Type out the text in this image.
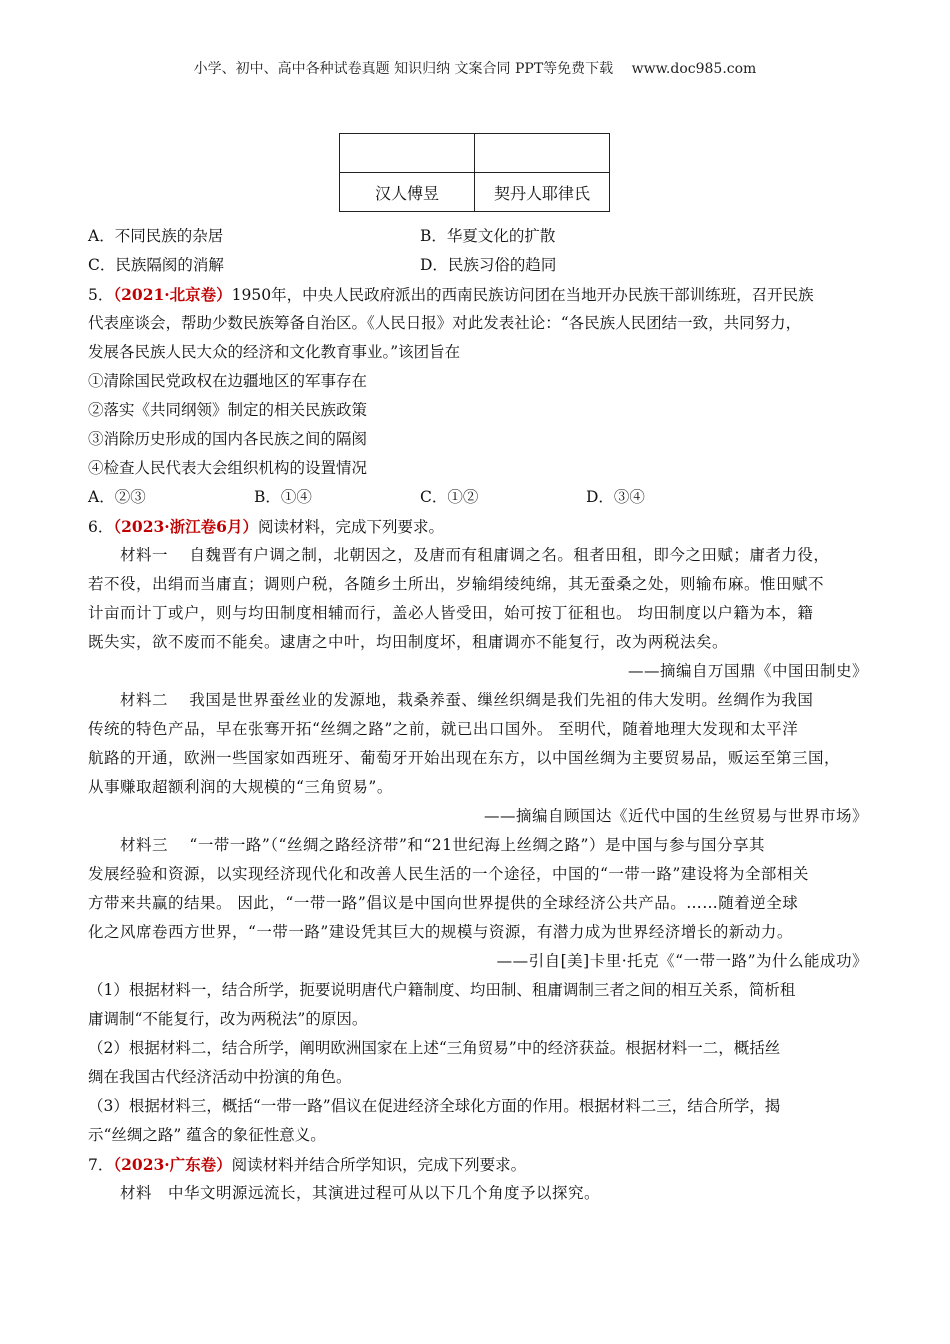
小学、初中、高中各种试卷真题 知识归纳 文案合同 PPT等免费下载　 www.doc985.com

汉人傅昱	契丹人耶律氏
A．不同民族的杂居	B．华夏文化的扩散
C．民族隔阂的消解	D．民族习俗的趋同
5．（2021·北京卷）1950年，中央人民政府派出的西南民族访问团在当地开办民族干部训练班，召开民族
代表座谈会，帮助少数民族筹备自治区。《人民日报》对此发表社论：“各民族人民团结一致，共同努力，
发展各民族人民大众的经济和文化教育事业。”该团旨在
①清除国民党政权在边疆地区的军事存在
②落实《共同纲领》制定的相关民族政策
③消除历史形成的国内各民族之间的隔阂
④检查人民代表大会组织机构的设置情况
A．②③	B．①④	C．①②	D．③④
6．（2023·浙江卷6月）阅读材料，完成下列要求。
材料一　 自魏晋有户调之制，北朝因之，及唐而有租庸调之名。租者田租，即今之田赋；庸者力役，
若不役，出绢而当庸直；调则户税，各随乡土所出，岁输绢绫纯绵，其无蚕桑之处，则输布麻。惟田赋不
计亩而计丁或户，则与均田制度相辅而行，盖必人皆受田，始可按丁征租也。 均田制度以户籍为本，籍
既失实，欲不废而不能矣。逮唐之中叶，均田制度坏，租庸调亦不能复行，改为两税法矣。
——摘编自万国鼎《中国田制史》
材料二　 我国是世界蚕丝业的发源地，栽桑养蚕、缫丝织绸是我们先祖的伟大发明。丝绸作为我国
传统的特色产品，早在张骞开拓“丝绸之路”之前，就已出口国外。 至明代，随着地理大发现和太平洋
航路的开通，欧洲一些国家如西班牙、葡萄牙开始出现在东方，以中国丝绸为主要贸易品，贩运至第三国，
从事赚取超额利润的大规模的“三角贸易”。
——摘编自顾国达《近代中国的生丝贸易与世界市场》
材料三　 “一带一路”（“丝绸之路经济带”和“21世纪海上丝绸之路”）是中国与参与国分享其
发展经验和资源，以实现经济现代化和改善人民生活的一个途径，中国的“一带一路”建设将为全部相关
方带来共赢的结果。 因此，“一带一路”倡议是中国向世界提供的全球经济公共产品。……随着逆全球
化之风席卷西方世界，“一带一路”建设凭其巨大的规模与资源，有潜力成为世界经济增长的新动力。
——引自[美]卡里·托克《“一带一路”为什么能成功》
（1）根据材料一，结合所学，扼要说明唐代户籍制度、均田制、租庸调制三者之间的相互关系，简析租
庸调制“不能复行，改为两税法”的原因。
（2）根据材料二，结合所学，阐明欧洲国家在上述“三角贸易”中的经济获益。根据材料一二，概括丝
绸在我国古代经济活动中扮演的角色。
（3）根据材料三，概括“一带一路”倡议在促进经济全球化方面的作用。根据材料二三，结合所学，揭
示“丝绸之路” 蕴含的象征性意义。
7．（2023·广东卷）阅读材料并结合所学知识，完成下列要求。
材料　中华文明源远流长，其演进过程可从以下几个角度予以探究。
